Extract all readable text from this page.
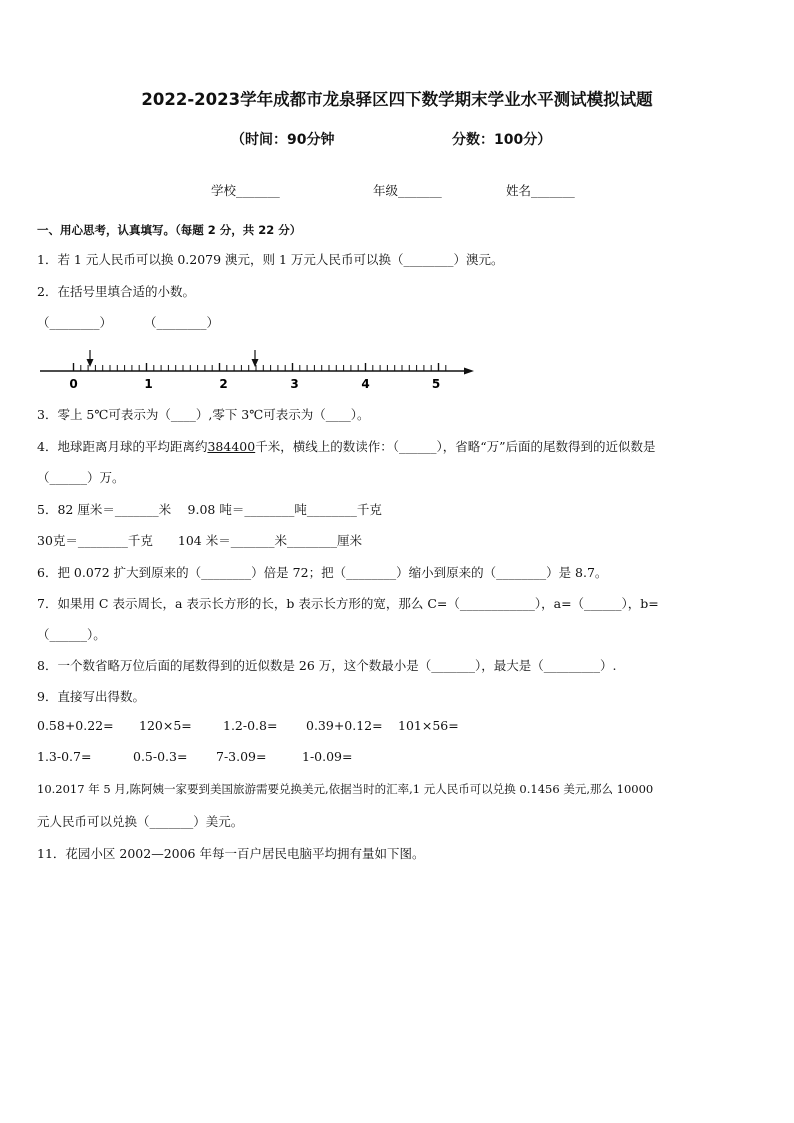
2022-2023学年成都市龙泉驿区四下数学期末学业水平测试模拟试题
（时间：90分钟	分数：100分）
学校_______	年级_______	姓名_______
一、用心思考，认真填写。（每题 2 分，共 22 分）
1．若 1 元人民币可以换 0.2079 澳元，则 1 万元人民币可以换（________）澳元。
2．在括号里填合适的小数。
（________）	（________）
0	1	2	3	4	5
3．零上 5℃可表示为（____）,零下 3℃可表示为（____）。
4．地球距离月球的平均距离约384400千米，横线上的数读作：（______），省略“万”后面的尾数得到的近似数是
（______）万。
5．82 厘米＝_______米　 9.08 吨＝________吨________千克
30克＝________千克　　104 米＝_______米________厘米
6．把 0.072 扩大到原来的（________）倍是 72；把（________）缩小到原来的（________）是 8.7。
7．如果用 C 表示周长，a 表示长方形的长，b 表示长方形的宽，那么 C=（____________），a=（______），b=
（______）。
8．一个数省略万位后面的尾数得到的近似数是 26 万，这个数最小是（_______），最大是（_________）.
9．直接写出得数。
0.58+0.22= 120×5= 1.2-0.8= 0.39+0.12= 101×56=
1.3-0.7=	0.5-0.3= 7-3.09=	1-0.09=
10.2017 年 5 月,陈阿姨一家要到美国旅游需要兑换美元,依据当时的汇率,1 元人民币可以兑换 0.1456 美元,那么 10000
元人民币可以兑换（_______）美元。
11．花园小区 2002—2006 年每一百户居民电脑平均拥有量如下图。
